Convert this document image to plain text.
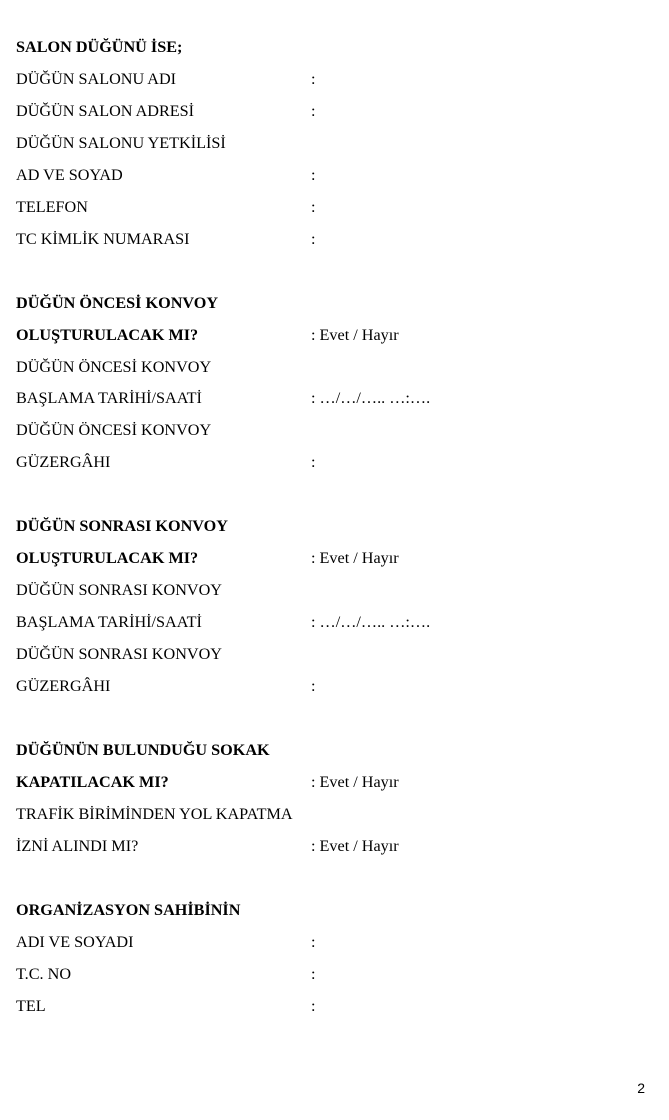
SALON DÜĞÜNÜ İSE;
DÜĞÜN SALONU ADI	:
DÜĞÜN SALON ADRESİ	:
DÜĞÜN SALONU YETKİLİSİ
AD VE SOYAD	:
TELEFON	:
TC KİMLİK NUMARASI	:
DÜĞÜN ÖNCESİ KONVOY
OLUŞTURULACAK MI?	: Evet / Hayır
DÜĞÜN ÖNCESİ KONVOY
BAŞLAMA TARİHİ/SAATİ	: …/…/….. …:….
DÜĞÜN ÖNCESİ KONVOY
GÜZERGÂHI	:
DÜĞÜN SONRASI KONVOY
OLUŞTURULACAK MI?	: Evet / Hayır
DÜĞÜN SONRASI KONVOY
BAŞLAMA TARİHİ/SAATİ	: …/…/….. …:….
DÜĞÜN SONRASI KONVOY
GÜZERGÂHI	:
DÜĞÜNÜN BULUNDUĞU SOKAK
KAPATILACAK MI?	: Evet / Hayır
TRAFİK BİRİMİNDEN YOL KAPATMA
İZNİ ALINDI MI?	: Evet / Hayır
ORGANİZASYON SAHİBİNİN
ADI VE SOYADI	:
T.C. NO	:
TEL	:
2
